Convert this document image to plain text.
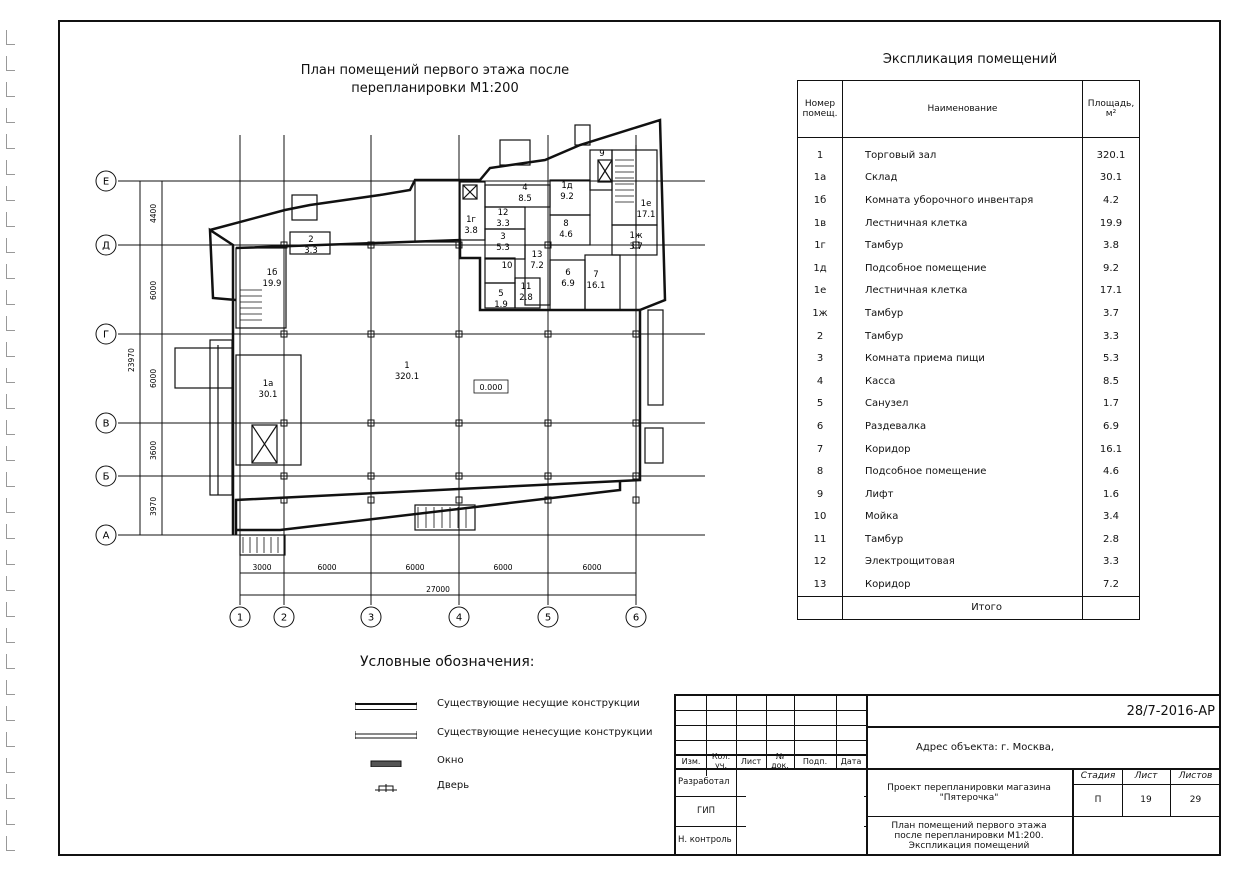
План помещений первого этажа после
перепланировки М1:200
Е
Д
Г
В
Б
А
1	2	3	4	5	6
4400
6000
6000
3600
3970
23970
3000	6000	6000	6000	6000
27000
1
320.1
1а
30.1
1б
19.9
2
3.3
1г
3.8
12
3.3
3
5.3
4
8.5
1д
9.2
8
4.6
9
1е
17.1
1ж
3.7
13
7.2
10
11
2.8
6
6.9
7
16.1
5
1.9
0.000
Условные обозначения:
Существующие несущие конструкции
Существующие ненесущие конструкции
Окно
Дверь
Экспликация помещений
Номер помещ.	Наименование	Площадь, м²

1	Торговый зал	320.1
1а	Склад	30.1
1б	Комната уборочного инвентаря	4.2
1в	Лестничная клетка	19.9
1г	Тамбур	3.8
1д	Подсобное помещение	9.2
1е	Лестничная клетка	17.1
1ж	Тамбур	3.7
2	Тамбур	3.3
3	Комната приема пищи	5.3
4	Касса	8.5
5	Санузел	1.7
6	Раздевалка	6.9
7	Коридор	16.1
8	Подсобное помещение	4.6
9	Лифт	1.6
10	Мойка	3.4
11	Тамбур	2.8
12	Электрощитовая	3.3
13	Коридор	7.2
	Итого	
28/7-2016-АР
Адрес объекта: г. Москва,
Проект перепланировки магазина "Пятерочка"
План помещений первого этажа после перепланировки М1:200. Экспликация помещений
Стадия	Лист	Листов
П	19	29
Изм.	Кол. уч.	Лист	№ док.	Подп.	Дата
Разработал
ГИП
Н. контроль
